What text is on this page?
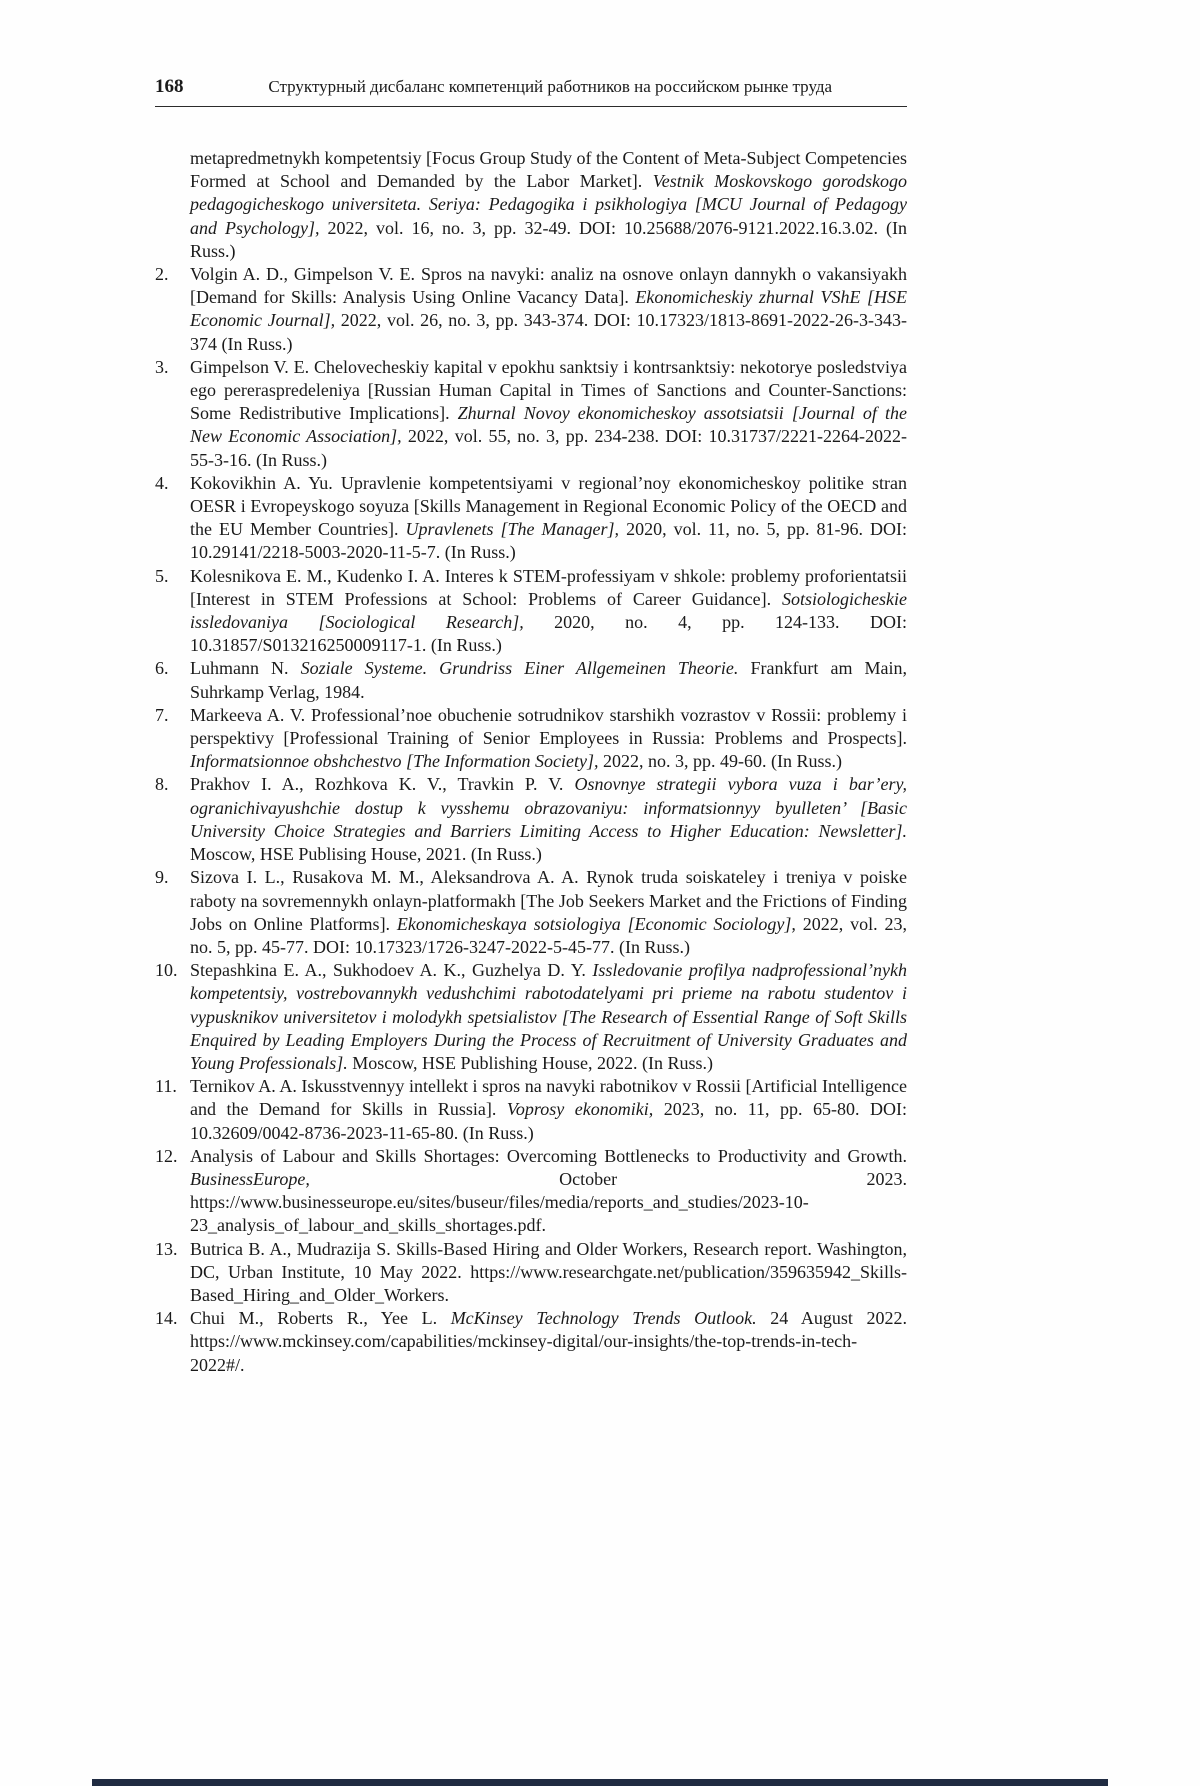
168	Структурный дисбаланс компетенций работников на российском рынке труда
metapredmetnykh kompetentsiy [Focus Group Study of the Content of Meta-Subject Competencies Formed at School and Demanded by the Labor Market]. Vestnik Moskovskogo gorodskogo pedagogicheskogo universiteta. Seriya: Pedagogika i psikhologiya [MCU Journal of Pedagogy and Psychology], 2022, vol. 16, no. 3, pp. 32-49. DOI: 10.25688/2076-9121.2022.16.3.02. (In Russ.)
2.	Volgin A. D., Gimpelson V. E. Spros na navyki: analiz na osnove onlayn dannykh o vakansiyakh [Demand for Skills: Analysis Using Online Vacancy Data]. Ekonomicheskiy zhurnal VShE [HSE Economic Journal], 2022, vol. 26, no. 3, pp. 343-374. DOI: 10.17323/1813-8691-2022-26-3-343-374 (In Russ.)
3.	Gimpelson V. E. Chelovecheskiy kapital v epokhu sanktsiy i kontrsanktsiy: nekotorye posledstviya ego pereraspredeleniya [Russian Human Capital in Times of Sanctions and Counter-Sanctions: Some Redistributive Implications]. Zhurnal Novoy ekonomicheskoy assotsiatsii [Journal of the New Economic Association], 2022, vol. 55, no. 3, pp. 234-238. DOI: 10.31737/2221-2264-2022-55-3-16. (In Russ.)
4.	Kokovikhin A. Yu. Upravlenie kompetentsiyami v regional’noy ekonomicheskoy politike stran OESR i Evropeyskogo soyuza [Skills Management in Regional Economic Policy of the OECD and the EU Member Countries]. Upravlenets [The Manager], 2020, vol. 11, no. 5, pp. 81-96. DOI: 10.29141/2218-5003-2020-11-5-7. (In Russ.)
5.	Kolesnikova E. M., Kudenko I. A. Interes k STEM-professiyam v shkole: problemy proforientatsii [Interest in STEM Professions at School: Problems of Career Guidance]. Sotsiologicheskie issledovaniya [Sociological Research], 2020, no. 4, pp. 124-133. DOI: 10.31857/S013216250009117-1. (In Russ.)
6.	Luhmann N. Soziale Systeme. Grundriss Einer Allgemeinen Theorie. Frankfurt am Main, Suhrkamp Verlag, 1984.
7.	Markeeva A. V. Professional’noe obuchenie sotrudnikov starshikh vozrastov v Rossii: problemy i perspektivy [Professional Training of Senior Employees in Russia: Problems and Prospects]. Informatsionnoe obshchestvo [The Information Society], 2022, no. 3, pp. 49-60. (In Russ.)
8.	Prakhov I. A., Rozhkova K. V., Travkin P. V. Osnovnye strategii vybora vuza i bar’ery, ogranichivayushchie dostup k vysshemu obrazovaniyu: informatsionnyy byulleten’ [Basic University Choice Strategies and Barriers Limiting Access to Higher Education: Newsletter]. Moscow, HSE Publising House, 2021. (In Russ.)
9.	Sizova I. L., Rusakova M. M., Aleksandrova A. A. Rynok truda soiskateley i treniya v poiske raboty na sovremennykh onlayn-platformakh [The Job Seekers Market and the Frictions of Finding Jobs on Online Platforms]. Ekonomicheskaya sotsiologiya [Economic Sociology], 2022, vol. 23, no. 5, pp. 45-77. DOI: 10.17323/1726-3247-2022-5-45-77. (In Russ.)
10. Stepashkina E. A., Sukhodoev A. K., Guzhelya D. Y. Issledovanie profilya nadprofessional’nykh kompetentsiy, vostrebovannykh vedushchimi rabotodatelyami pri prieme na rabotu studentov i vypusknikov universitetov i molodykh spetsialistov [The Research of Essential Range of Soft Skills Enquired by Leading Employers During the Process of Recruitment of University Graduates and Young Professionals]. Moscow, HSE Publishing House, 2022. (In Russ.)
11. Ternikov A. A. Iskusstvennyy intellekt i spros na navyki rabotnikov v Rossii [Artificial Intelligence and the Demand for Skills in Russia]. Voprosy ekonomiki, 2023, no. 11, pp. 65-80. DOI: 10.32609/0042-8736-2023-11-65-80. (In Russ.)
12. Analysis of Labour and Skills Shortages: Overcoming Bottlenecks to Productivity and Growth. BusinessEurope, October 2023. https://www.businesseurope.eu/sites/buseur/files/media/reports_and_studies/2023-10-23_analysis_of_labour_and_skills_shortages.pdf.
13. Butrica B. A., Mudrazija S. Skills-Based Hiring and Older Workers, Research report. Washington, DC, Urban Institute, 10 May 2022. https://www.researchgate.net/publication/359635942_Skills-Based_Hiring_and_Older_Workers.
14. Chui M., Roberts R., Yee L. McKinsey Technology Trends Outlook. 24 August 2022. https://www.mckinsey.com/capabilities/mckinsey-digital/our-insights/the-top-trends-in-tech-2022#/.
